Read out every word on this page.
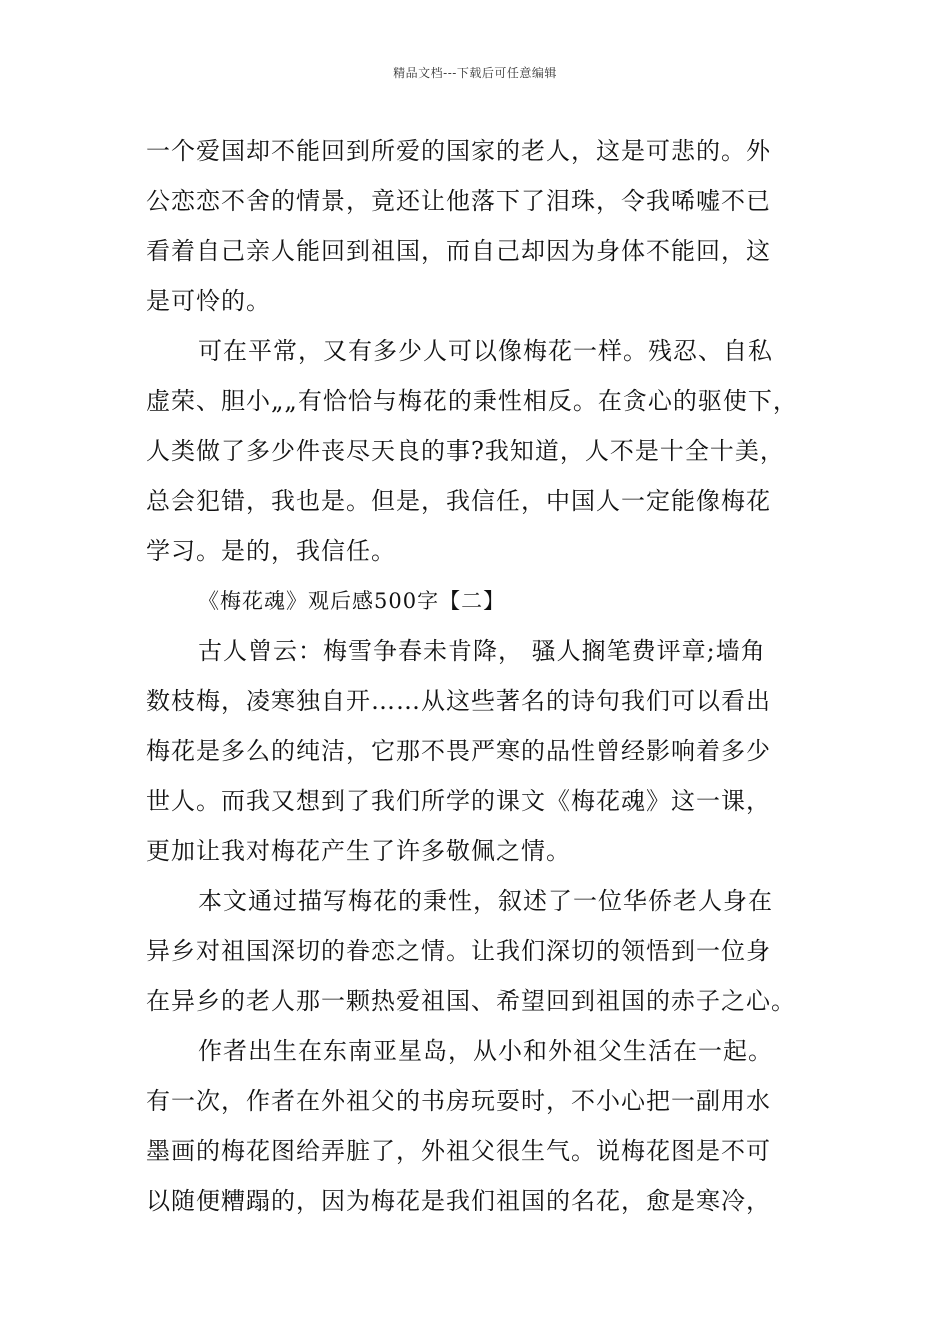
精品文档---下载后可任意编辑
一个爱国却不能回到所爱的国家的老人，这是可悲的。外
公恋恋不舍的情景，竟还让他落下了泪珠，令我唏嘘不已
看着自己亲人能回到祖国，而自己却因为身体不能回，这
是可怜的。
可在平常，又有多少人可以像梅花一样。残忍、自私
虚荣、胆小„„有恰恰与梅花的秉性相反。在贪心的驱使下，
人类做了多少件丧尽天良的事?我知道，人不是十全十美，
总会犯错，我也是。但是，我信任，中国人一定能像梅花
学习。是的，我信任。
《梅花魂》观后感500字【二】
古人曾云：梅雪争春未肯降， 骚人搁笔费评章;墙角
数枝梅，凌寒独自开……从这些著名的诗句我们可以看出
梅花是多么的纯洁，它那不畏严寒的品性曾经影响着多少
世人。而我又想到了我们所学的课文《梅花魂》这一课，
更加让我对梅花产生了许多敬佩之情。
本文通过描写梅花的秉性，叙述了一位华侨老人身在
异乡对祖国深切的眷恋之情。让我们深切的领悟到一位身
在异乡的老人那一颗热爱祖国、希望回到祖国的赤子之心。
作者出生在东南亚星岛，从小和外祖父生活在一起。
有一次，作者在外祖父的书房玩耍时，不小心把一副用水
墨画的梅花图给弄脏了，外祖父很生气。说梅花图是不可
以随便糟蹋的，因为梅花是我们祖国的名花，愈是寒冷，
